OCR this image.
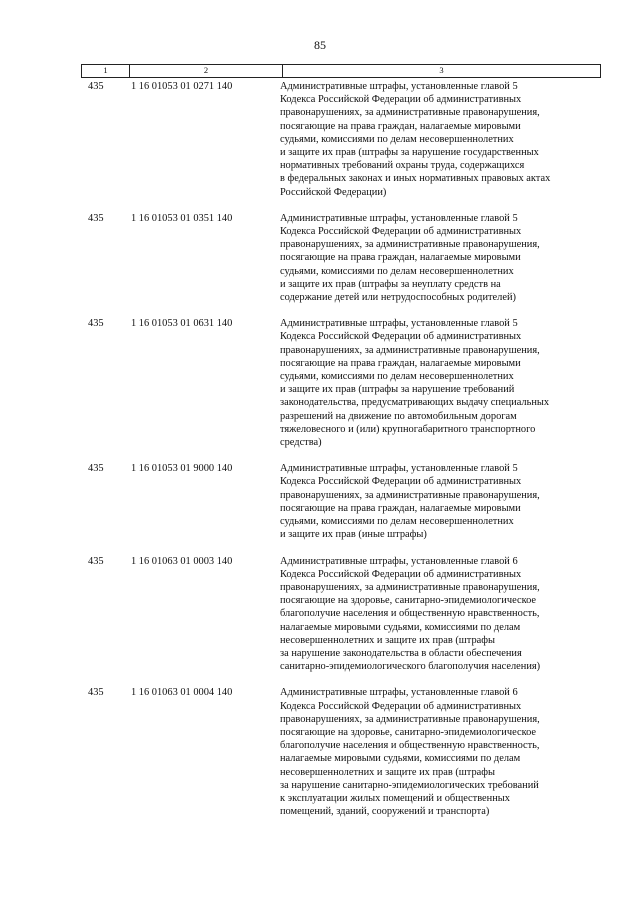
85
1	2	3
435	1 16 01053 01 0271 140	Административные штрафы, установленные главой 5
Кодекса Российской Федерации об административных
правонарушениях, за административные правонарушения,
посягающие на права граждан, налагаемые мировыми
судьями, комиссиями по делам несовершеннолетних
и защите их прав (штрафы за нарушение государственных
нормативных требований охраны труда, содержащихся
в федеральных законах и иных нормативных правовых актах
Российской Федерации)
435	1 16 01053 01 0351 140	Административные штрафы, установленные главой 5
Кодекса Российской Федерации об административных
правонарушениях, за административные правонарушения,
посягающие на права граждан, налагаемые мировыми
судьями, комиссиями по делам несовершеннолетних
и защите их прав (штрафы за неуплату средств на
содержание детей или нетрудоспособных родителей)
435	1 16 01053 01 0631 140	Административные штрафы, установленные главой 5
Кодекса Российской Федерации об административных
правонарушениях, за административные правонарушения,
посягающие на права граждан, налагаемые мировыми
судьями, комиссиями по делам несовершеннолетних
и защите их прав (штрафы за нарушение требований
законодательства, предусматривающих выдачу специальных
разрешений на движение по автомобильным дорогам
тяжеловесного и (или) крупногабаритного транспортного
средства)
435	1 16 01053 01 9000 140	Административные штрафы, установленные главой 5
Кодекса Российской Федерации об административных
правонарушениях, за административные правонарушения,
посягающие на права граждан, налагаемые мировыми
судьями, комиссиями по делам несовершеннолетних
и защите их прав (иные штрафы)
435	1 16 01063 01 0003 140	Административные штрафы, установленные главой 6
Кодекса Российской Федерации об административных
правонарушениях, за административные правонарушения,
посягающие на здоровье, санитарно-эпидемиологическое
благополучие населения и общественную нравственность,
налагаемые мировыми судьями, комиссиями по делам
несовершеннолетних и защите их прав (штрафы
за нарушение законодательства в области обеспечения
санитарно-эпидемиологического благополучия населения)
435	1 16 01063 01 0004 140	Административные штрафы, установленные главой 6
Кодекса Российской Федерации об административных
правонарушениях, за административные правонарушения,
посягающие на здоровье, санитарно-эпидемиологическое
благополучие населения и общественную нравственность,
налагаемые мировыми судьями, комиссиями по делам
несовершеннолетних и защите их прав (штрафы
за нарушение санитарно-эпидемиологических требований
к эксплуатации жилых помещений и общественных
помещений, зданий, сооружений и транспорта)
